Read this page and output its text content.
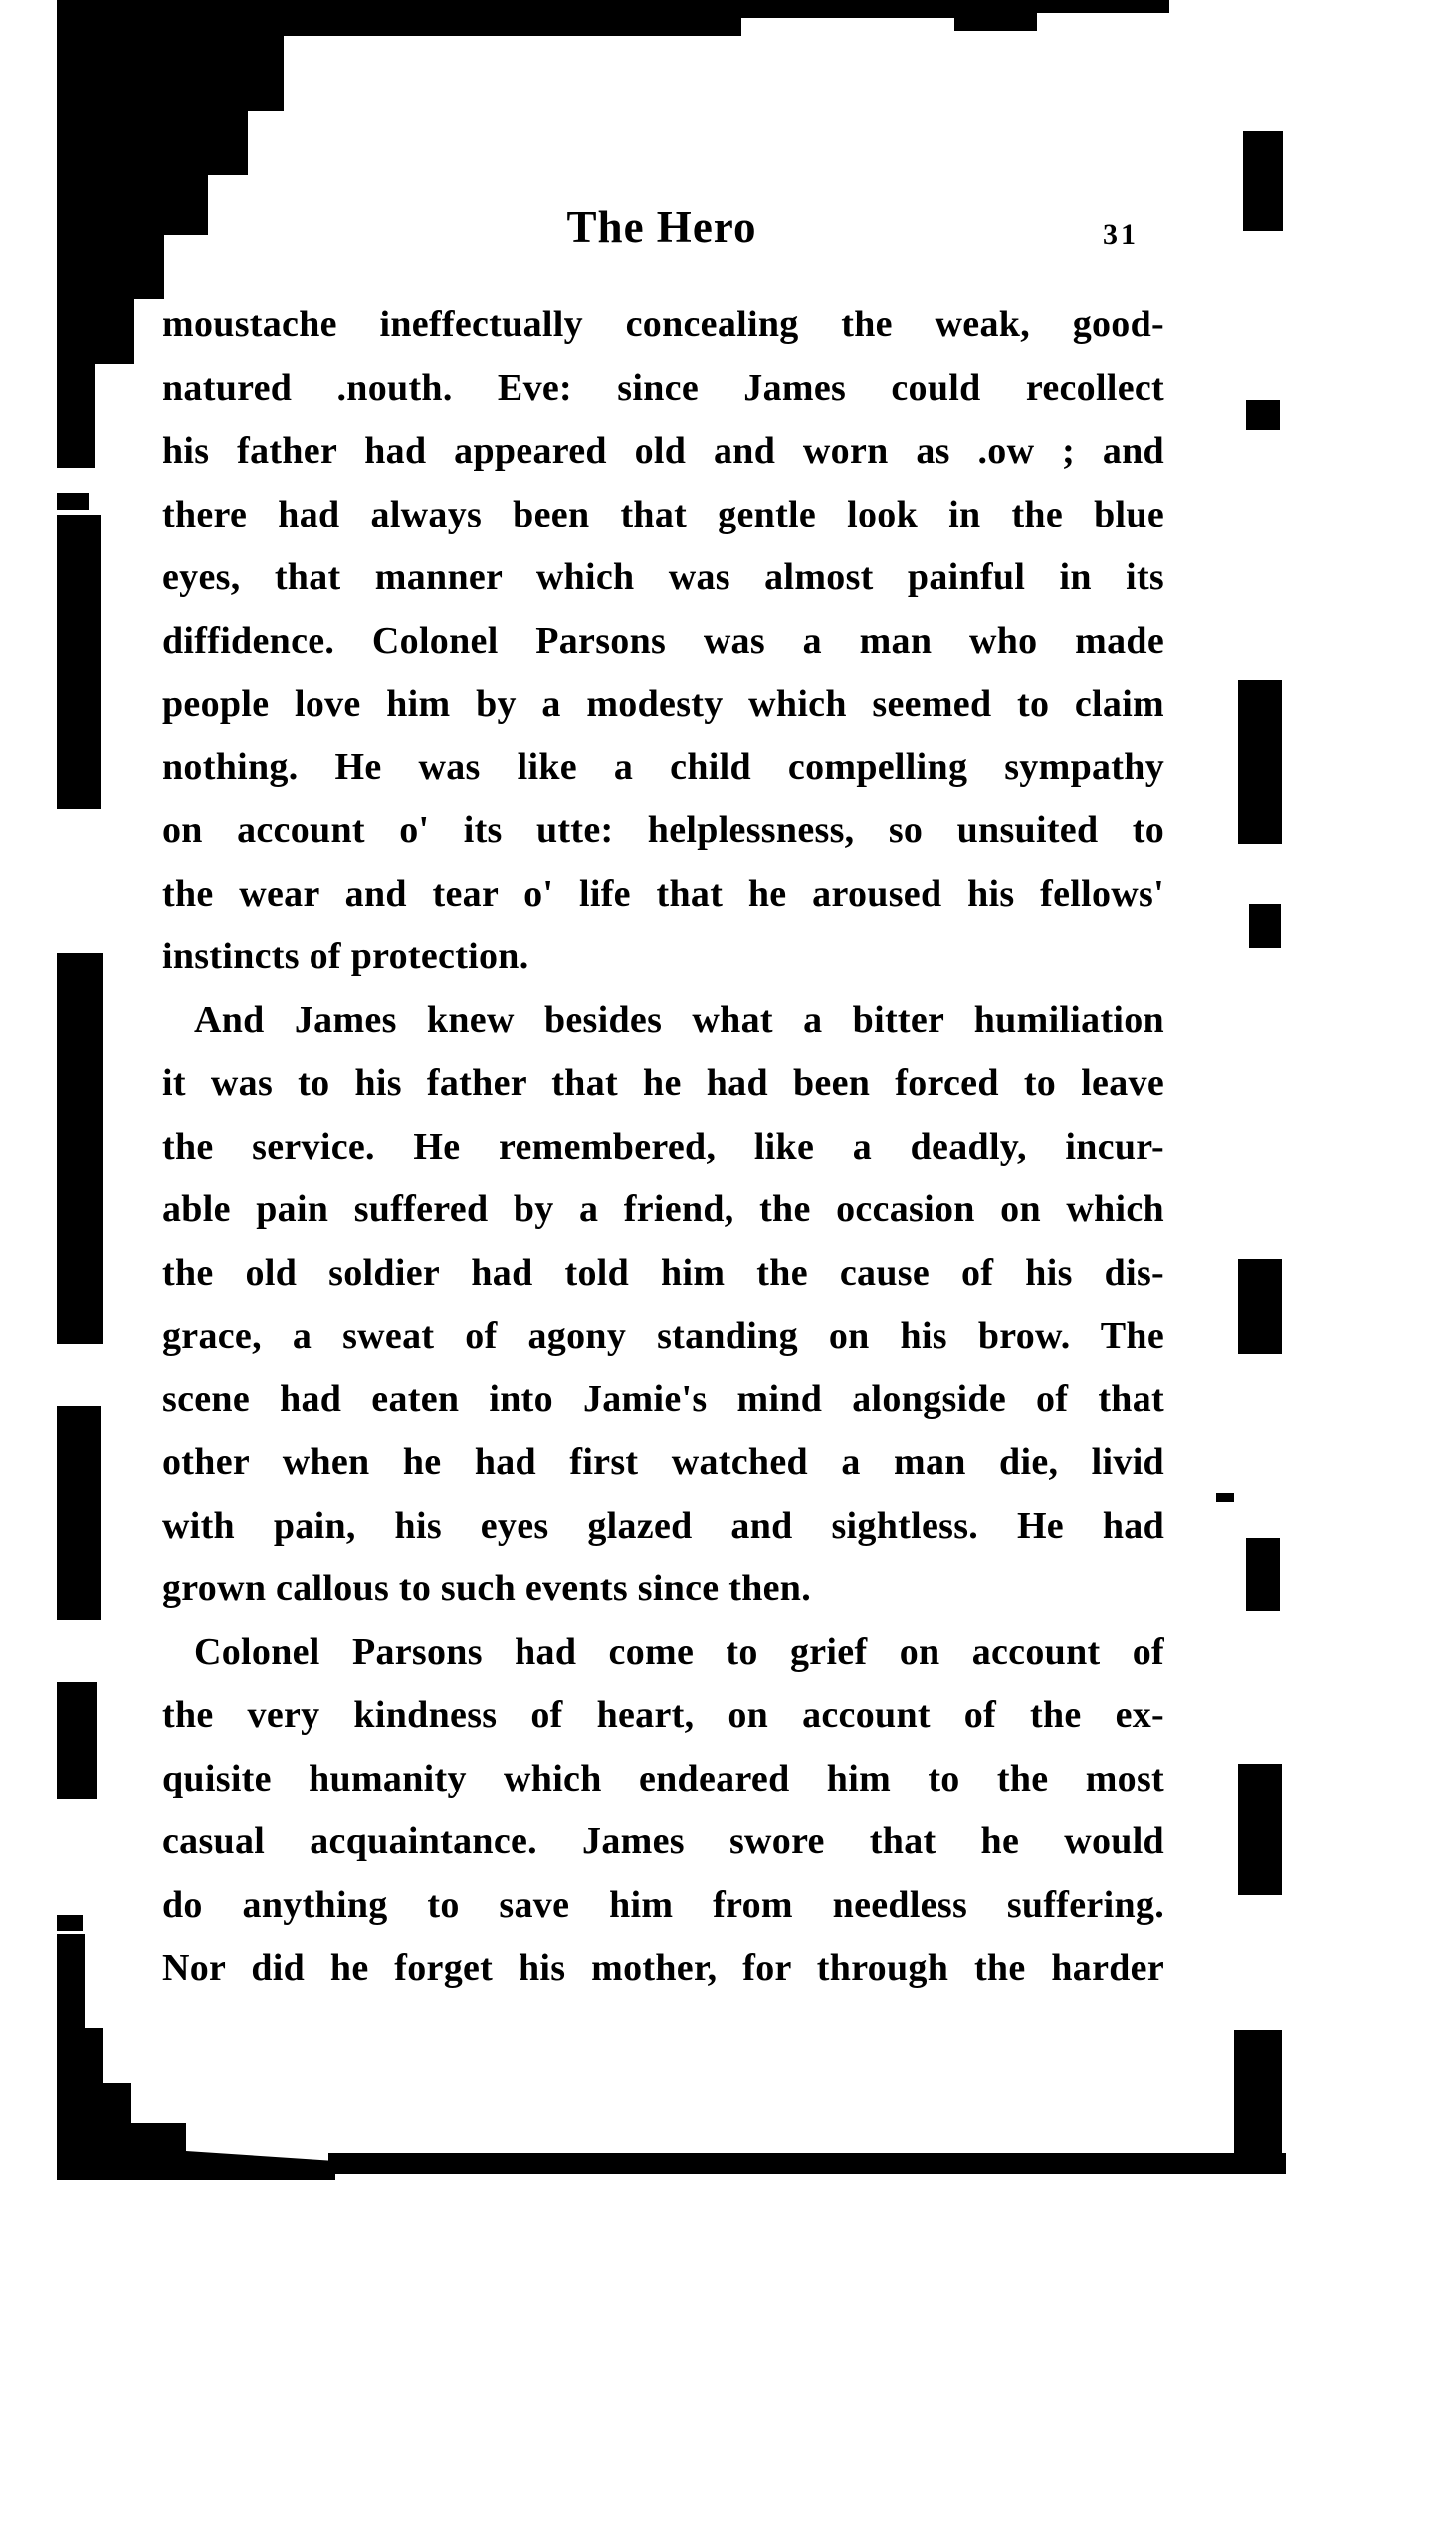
The Hero	31
moustache ineffectually concealing the weak, good-
natured .nouth. Eve: since James could recollect
his father had appeared old and worn as .ow ; and
there had always been that gentle look in the blue
eyes, that manner which was almost painful in its
diffidence. Colonel Parsons was a man who made
people love him by a modesty which seemed to claim
nothing. He was like a child compelling sympathy
on account o' its utte: helplessness, so unsuited to
the wear and tear o' life that he aroused his fellows'
instincts of protection.
And James knew besides what a bitter humiliation
it was to his father that he had been forced to leave
the service. He remembered, like a deadly, incur-
able pain suffered by a friend, the occasion on which
the old soldier had told him the cause of his dis-
grace, a sweat of agony standing on his brow. The
scene had eaten into Jamie's mind alongside of that
other when he had first watched a man die, livid
with pain, his eyes glazed and sightless. He had
grown callous to such events since then.
Colonel Parsons had come to grief on account of
the very kindness of heart, on account of the ex-
quisite humanity which endeared him to the most
casual acquaintance. James swore that he would
do anything to save him from needless suffering.
Nor did he forget his mother, for through the harder
